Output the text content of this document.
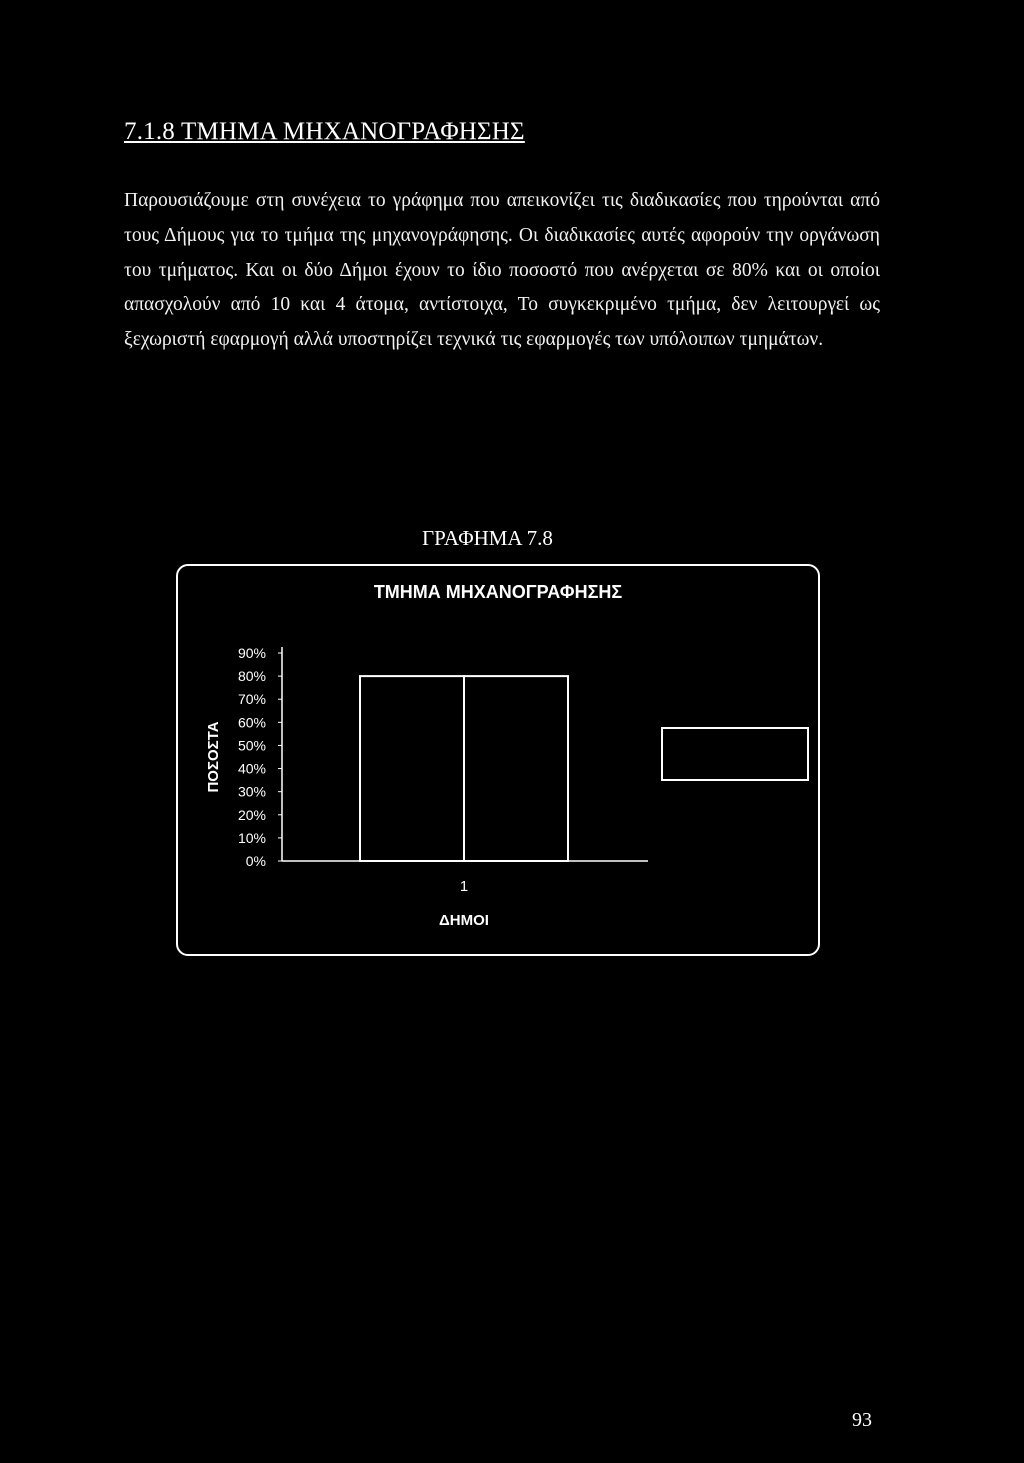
7.1.8 ΤΜΗΜΑ ΜΗΧΑΝΟΓΡΑΦΗΣΗΣ

Παρουσιάζουμε στη συνέχεια το γράφημα που απεικονίζει τις διαδικασίες που τηρούνται από τους Δήμους για το τμήμα της μηχανογράφησης. Οι διαδικασίες αυτές αφορούν την οργάνωση του τμήματος. Και οι δύο Δήμοι έχουν το ίδιο ποσοστό που ανέρχεται σε 80% και οι οποίοι απασχολούν από 10 και 4 άτομα, αντίστοιχα, Το συγκεκριμένο τμήμα, δεν λειτουργεί ως ξεχωριστή εφαρμογή αλλά υποστηρίζει τεχνικά τις εφαρμογές των υπόλοιπων τμημάτων.

ΓΡΑΦΗΜΑ 7.8
ΤΜΗΜΑ ΜΗΧΑΝΟΓΡΑΦΗΣΗΣ
0%
10%
20%
30%
40%
50%
60%
70%
80%
90%
ΠΟΣΟΣΤΑ
1
ΔΗΜΟΙ

93
